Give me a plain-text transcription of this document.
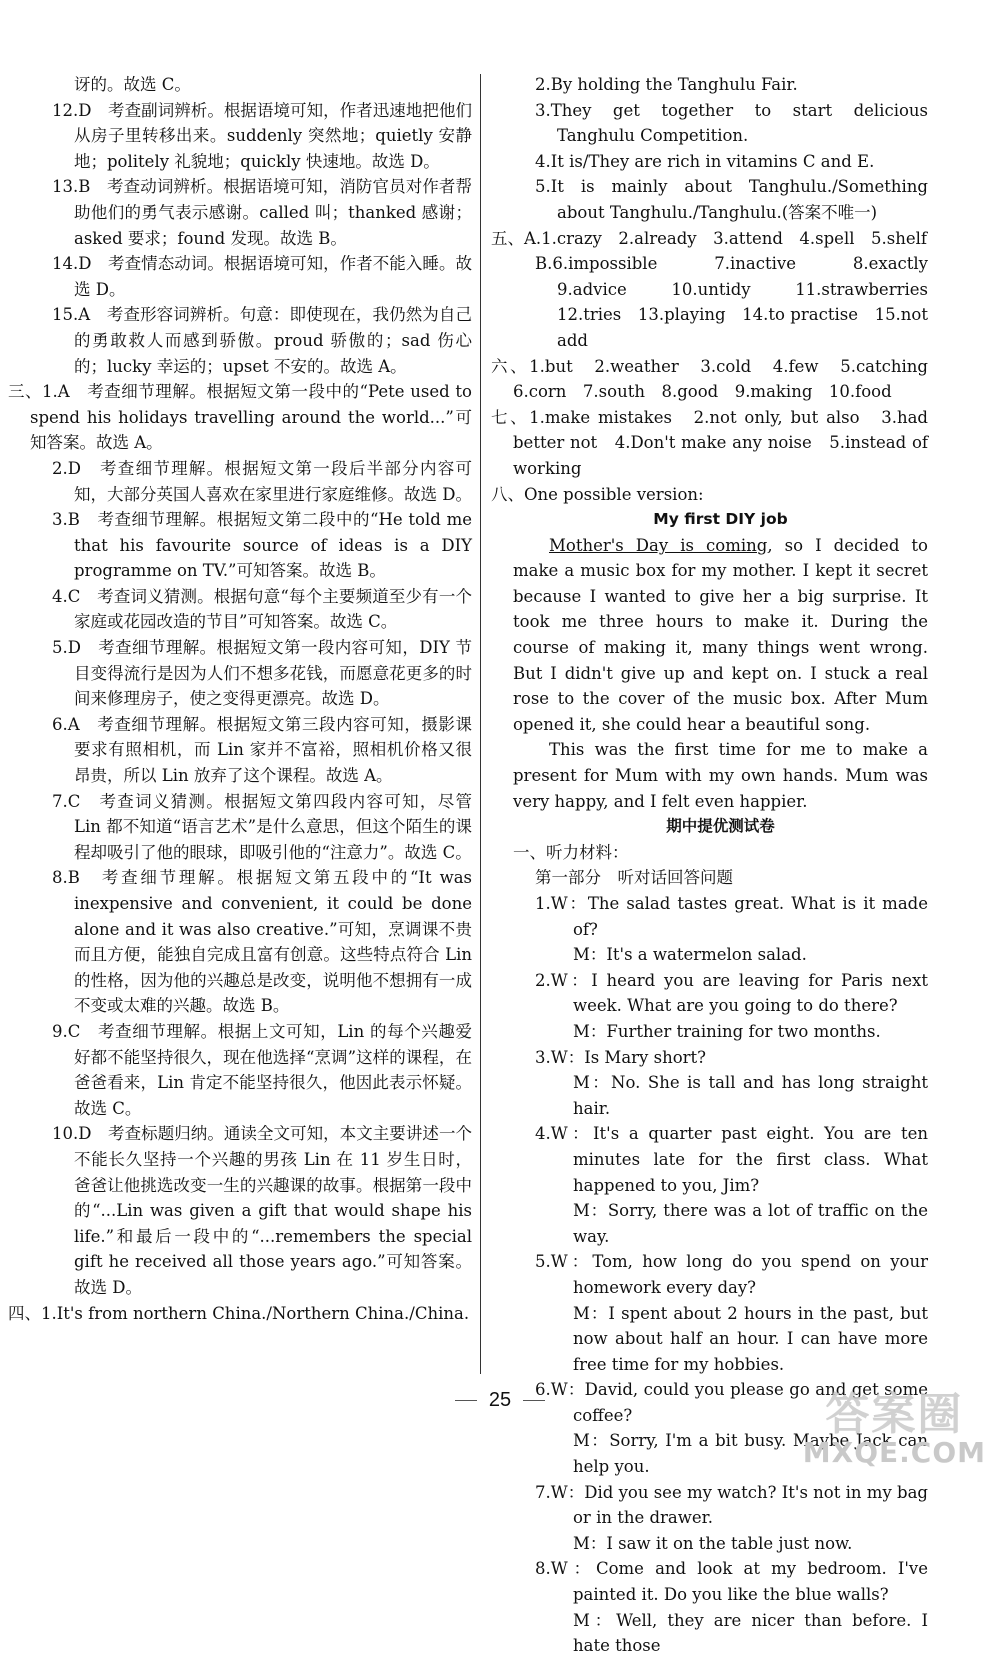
讶的。故选 C。

12.D　考查副词辨析。根据语境可知，作者迅速地把他们从房子里转移出来。suddenly 突然地；quietly 安静地；politely 礼貌地；quickly 快速地。故选 D。

13.B　考查动词辨析。根据语境可知，消防官员对作者帮助他们的勇气表示感谢。called 叫；thanked 感谢；asked 要求；found 发现。故选 B。

14.D　考查情态动词。根据语境可知，作者不能入睡。故选 D。

15.A　考查形容词辨析。句意：即使现在，我仍然为自己的勇敢救人而感到骄傲。proud 骄傲的；sad 伤心的；lucky 幸运的；upset 不安的。故选 A。

三、1.A　考查细节理解。根据短文第一段中的“Pete used to spend his holidays travelling around the world...”可知答案。故选 A。

2.D　考查细节理解。根据短文第一段后半部分内容可知，大部分英国人喜欢在家里进行家庭维修。故选 D。

3.B　考查细节理解。根据短文第二段中的“He told me that his favourite source of ideas is a DIY programme on TV.”可知答案。故选 B。

4.C　考查词义猜测。根据句意“每个主要频道至少有一个家庭或花园改造的节目”可知答案。故选 C。

5.D　考查细节理解。根据短文第一段内容可知，DIY 节目变得流行是因为人们不想多花钱，而愿意花更多的时间来修理房子，使之变得更漂亮。故选 D。

6.A　考查细节理解。根据短文第三段内容可知，摄影课要求有照相机，而 Lin 家并不富裕，照相机价格又很昂贵，所以 Lin 放弃了这个课程。故选 A。

7.C　考查词义猜测。根据短文第四段内容可知，尽管 Lin 都不知道“语言艺术”是什么意思，但这个陌生的课程却吸引了他的眼球，即吸引他的“注意力”。故选 C。

8.B　考查细节理解。根据短文第五段中的“It was inexpensive and convenient, it could be done alone and it was also creative.”可知，烹调课不贵而且方便，能独自完成且富有创意。这些特点符合 Lin 的性格，因为他的兴趣总是改变，说明他不想拥有一成不变或太难的兴趣。故选 B。

9.C　考查细节理解。根据上文可知，Lin 的每个兴趣爱好都不能坚持很久，现在他选择“烹调”这样的课程，在爸爸看来，Lin 肯定不能坚持很久，他因此表示怀疑。故选 C。

10.D　考查标题归纳。通读全文可知，本文主要讲述一个不能长久坚持一个兴趣的男孩 Lin 在 11 岁生日时，爸爸让他挑选改变一生的兴趣课的故事。根据第一段中的“...Lin was given a gift that would shape his life.”和最后一段中的“...remembers the special gift he received all those years ago.”可知答案。故选 D。

四、1.It's from northern China./Northern China./China.

2.By holding the Tanghulu Fair.

3.They get together to start delicious Tanghulu Competition.

4.It is/They are rich in vitamins C and E.

5.It is mainly about Tanghulu./Something about Tanghulu./Tanghulu.(答案不唯一)

五、A.1.crazy　2.already　3.attend　4.spell　5.shelf

B.6.impossible　7.inactive　8.exactly　9.advice　10.untidy　11.strawberries　12.tries　13.playing　14.to practise　15.not add

六、1.but　2.weather　3.cold　4.few　5.catching　6.corn　7.south　8.good　9.making　10.food

七、1.make mistakes　2.not only, but also　3.had better not　4.Don't make any noise　5.instead of working

八、One possible version:

My first DIY job

Mother's Day is coming, so I decided to make a music box for my mother. I kept it secret because I wanted to give her a big surprise. It took me three hours to make it. During the course of making it, many things went wrong. But I didn't give up and kept on. I stuck a real rose to the cover of the music box. After Mum opened it, she could hear a beautiful song.

This was the first time for me to make a present for Mum with my own hands. Mum was very happy, and I felt even happier.

期中提优测试卷

一、听力材料：

第一部分　听对话回答问题

1.W：The salad tastes great. What is it made of?

M：It's a watermelon salad.

2.W：I heard you are leaving for Paris next week. What are you going to do there?

M：Further training for two months.

3.W：Is Mary short?

M：No. She is tall and has long straight hair.

4.W：It's a quarter past eight. You are ten minutes late for the first class. What happened to you, Jim?

M：Sorry, there was a lot of traffic on the way.

5.W：Tom, how long do you spend on your homework every day?

M：I spent about 2 hours in the past, but now about half an hour. I can have more free time for my hobbies.

6.W：David, could you please go and get some coffee?

M：Sorry, I'm a bit busy. Maybe Jack can help you.

7.W：Did you see my watch? It's not in my bag or in the drawer.

M：I saw it on the table just now.

8.W：Come and look at my bedroom. I've painted it. Do you like the blue walls?

M：Well, they are nicer than before. I hate those

25	答案圈
MXQE.COM
